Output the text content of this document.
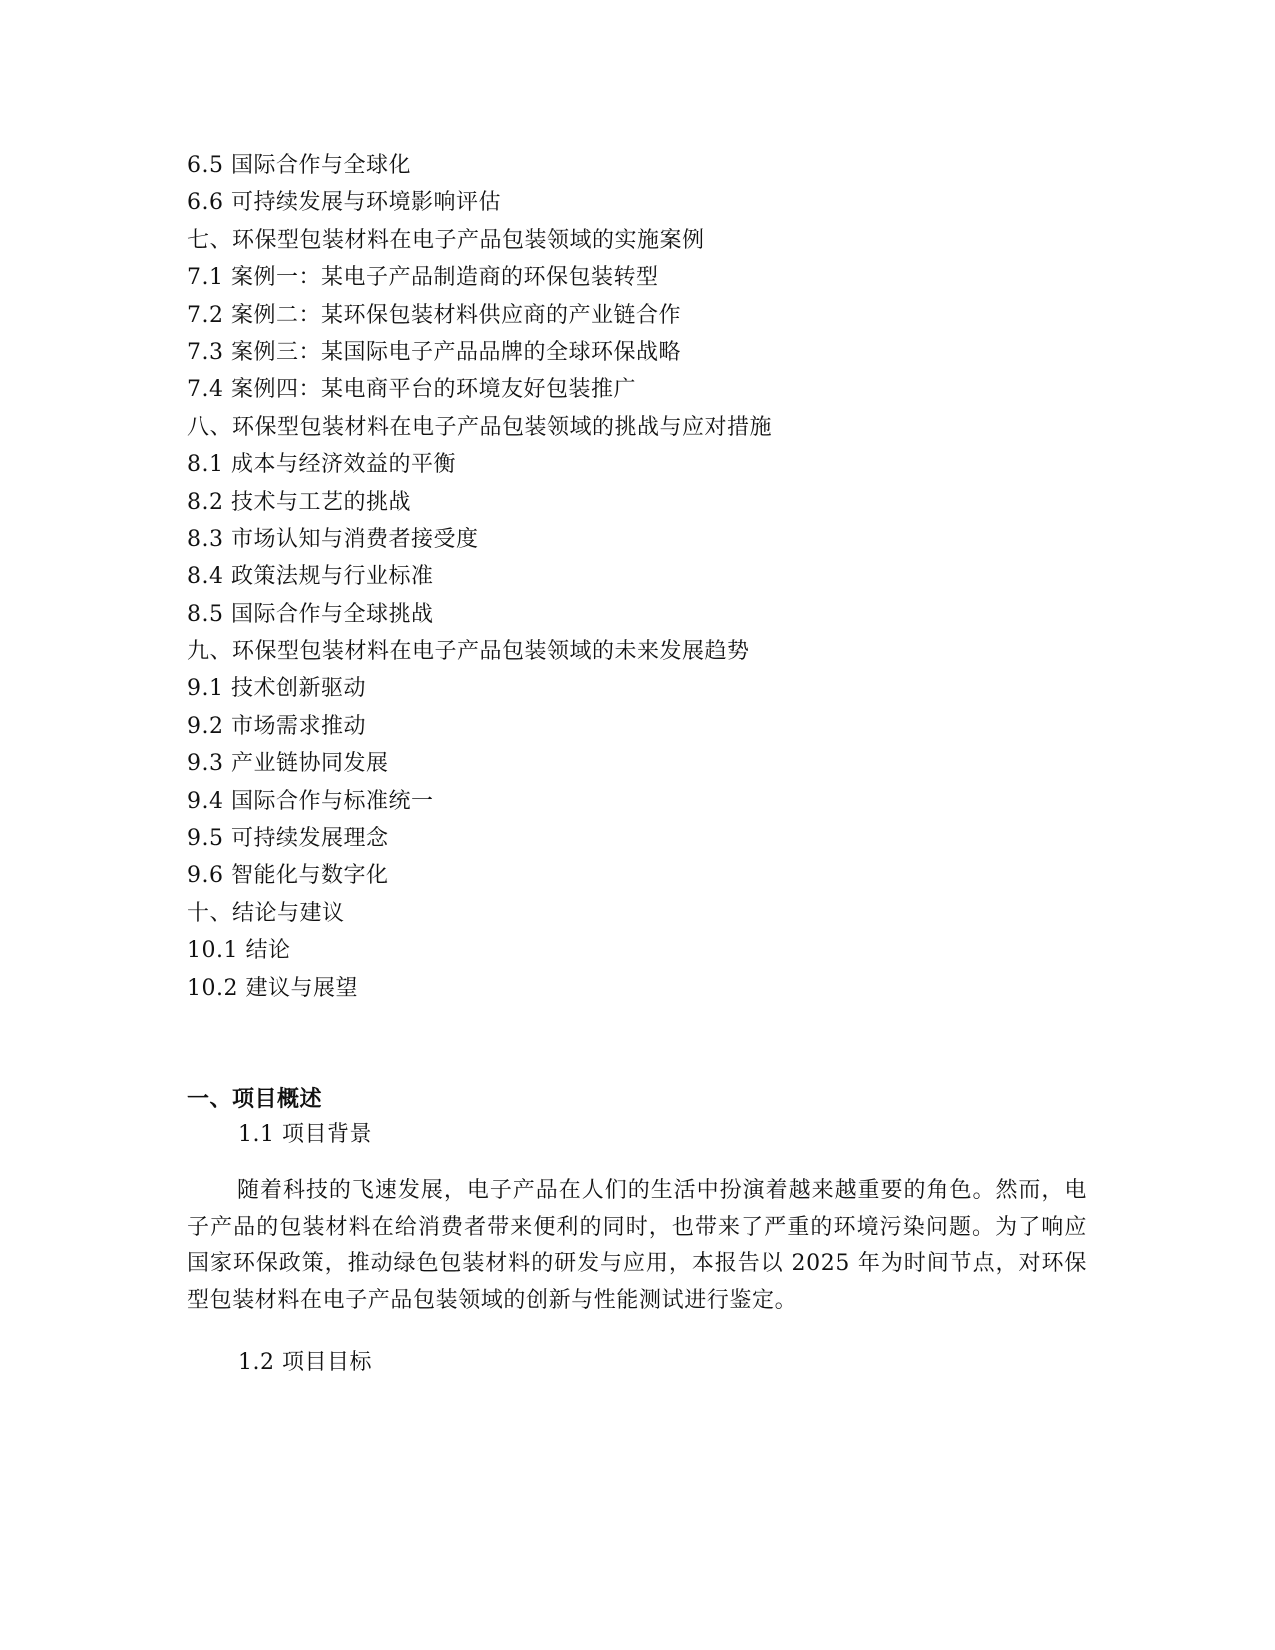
6.5 国际合作与全球化
6.6 可持续发展与环境影响评估
七、环保型包装材料在电子产品包装领域的实施案例
7.1 案例一：某电子产品制造商的环保包装转型
7.2 案例二：某环保包装材料供应商的产业链合作
7.3 案例三：某国际电子产品品牌的全球环保战略
7.4 案例四：某电商平台的环境友好包装推广
八、环保型包装材料在电子产品包装领域的挑战与应对措施
8.1 成本与经济效益的平衡
8.2 技术与工艺的挑战
8.3 市场认知与消费者接受度
8.4 政策法规与行业标准
8.5 国际合作与全球挑战
九、环保型包装材料在电子产品包装领域的未来发展趋势
9.1 技术创新驱动
9.2 市场需求推动
9.3 产业链协同发展
9.4 国际合作与标准统一
9.5 可持续发展理念
9.6 智能化与数字化
十、结论与建议
10.1 结论
10.2 建议与展望
一、项目概述
1.1 项目背景

随着科技的飞速发展，电子产品在人们的生活中扮演着越来越重要的角色。然而，电子产品的包装材料在给消费者带来便利的同时，也带来了严重的环境污染问题。为了响应国家环保政策，推动绿色包装材料的研发与应用，本报告以 2025 年为时间节点，对环保型包装材料在电子产品包装领域的创新与性能测试进行鉴定。

1.2 项目目标
